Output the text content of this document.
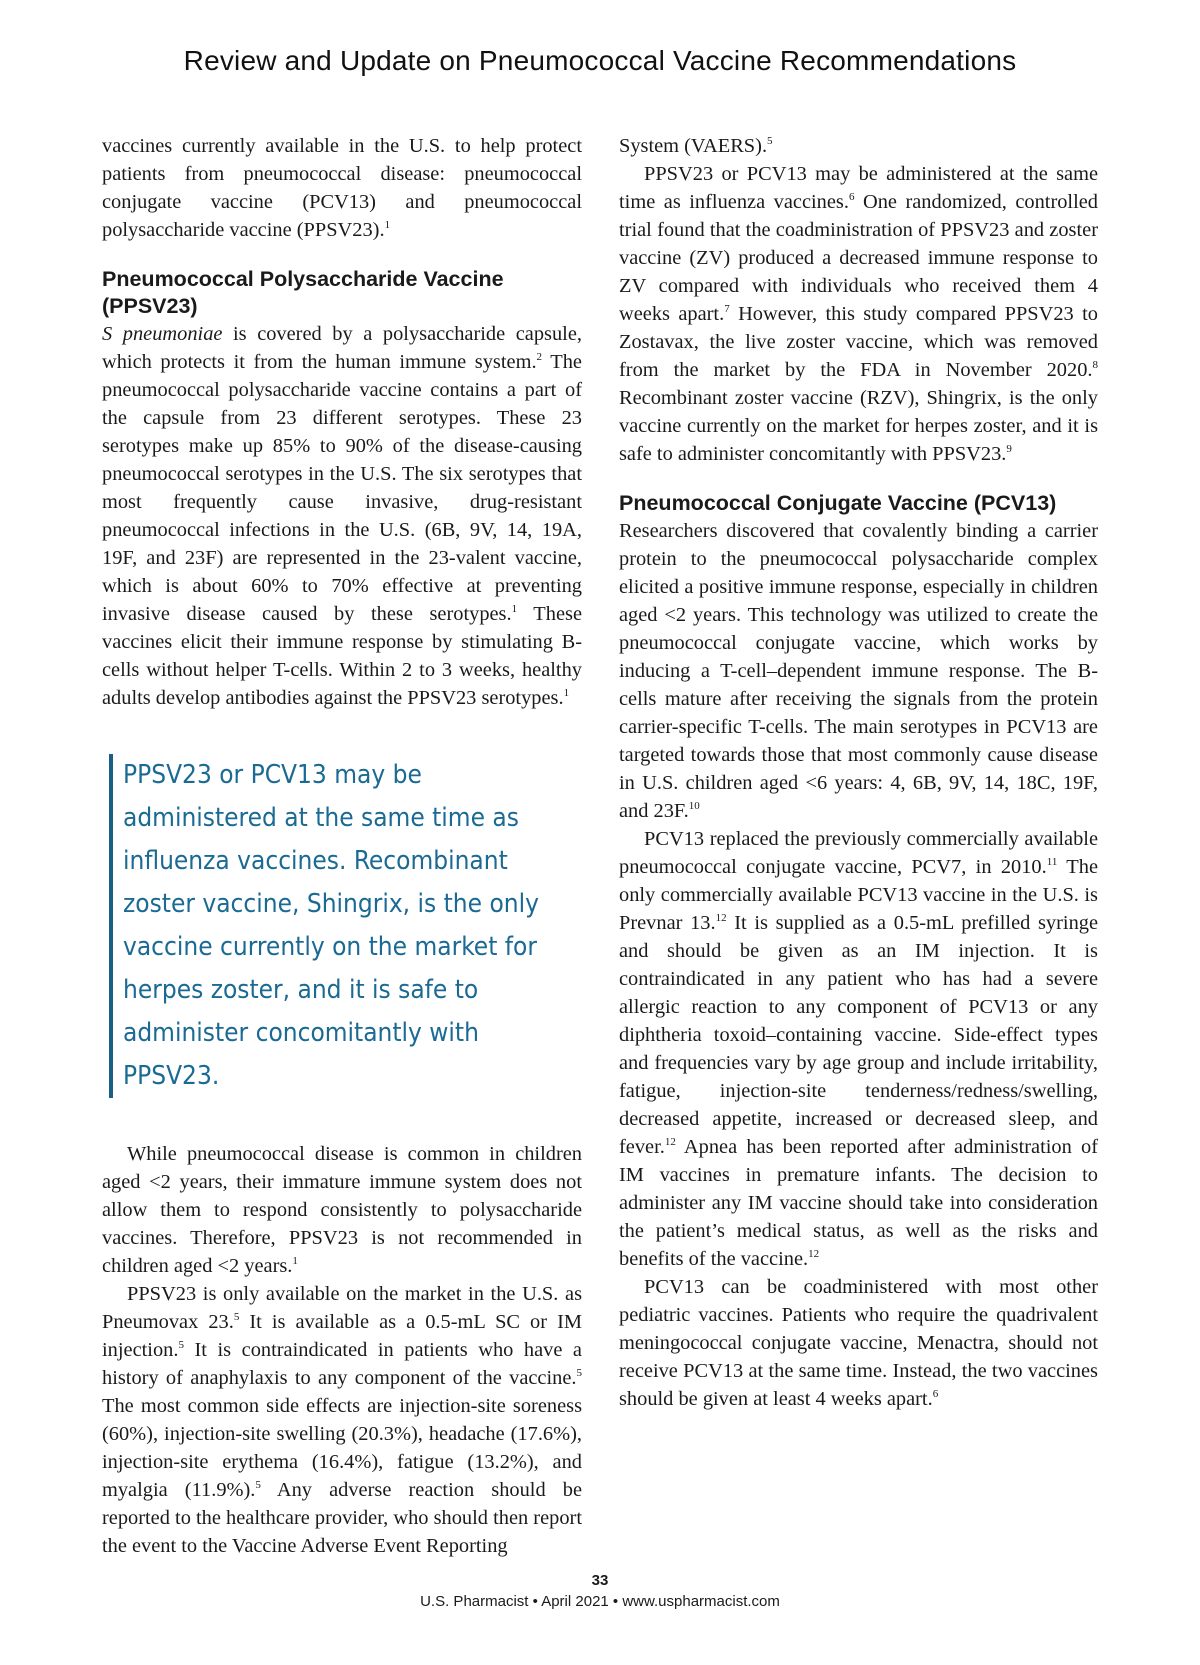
Review and Update on Pneumococcal Vaccine Recommendations

vaccines currently available in the U.S. to help protect patients from pneumococcal disease: pneumococcal conjugate vaccine (PCV13) and pneumococcal polysaccharide vaccine (PPSV23).$^1$

Pneumococcal Polysaccharide Vaccine (PPSV23)

S pneumoniae is covered by a polysaccharide capsule, which protects it from the human immune system.$^2$ The pneumococcal polysaccharide vaccine contains a part of the capsule from 23 different serotypes. These 23 serotypes make up 85% to 90% of the disease-causing pneumococcal serotypes in the U.S. The six serotypes that most frequently cause invasive, drug-resistant pneumococcal infections in the U.S. (6B, 9V, 14, 19A, 19F, and 23F) are represented in the 23-valent vaccine, which is about 60% to 70% effective at preventing invasive disease caused by these serotypes.$^1$ These vaccines elicit their immune response by stimulating B-cells without helper T-cells. Within 2 to 3 weeks, healthy adults develop antibodies against the PPSV23 serotypes.$^1$

PPSV23 or PCV13 may be administered at the same time as influenza vaccines. Recombinant zoster vaccine, Shingrix, is the only vaccine currently on the market for herpes zoster, and it is safe to administer concomitantly with PPSV23.

While pneumococcal disease is common in children aged <2 years, their immature immune system does not allow them to respond consistently to polysaccharide vaccines. Therefore, PPSV23 is not recommended in children aged <2 years.$^1$

PPSV23 is only available on the market in the U.S. as Pneumovax 23.$^5$ It is available as a 0.5-mL SC or IM injection.$^5$ It is contraindicated in patients who have a history of anaphylaxis to any component of the vaccine.$^5$ The most common side effects are injection-site soreness (60%), injection-site swelling (20.3%), headache (17.6%), injection-site erythema (16.4%), fatigue (13.2%), and myalgia (11.9%).$^5$ Any adverse reaction should be reported to the healthcare provider, who should then report the event to the Vaccine Adverse Event Reporting

System (VAERS).$^5$

PPSV23 or PCV13 may be administered at the same time as influenza vaccines.$^6$ One randomized, controlled trial found that the coadministration of PPSV23 and zoster vaccine (ZV) produced a decreased immune response to ZV compared with individuals who received them 4 weeks apart.$^7$ However, this study compared PPSV23 to Zostavax, the live zoster vaccine, which was removed from the market by the FDA in November 2020.$^8$ Recombinant zoster vaccine (RZV), Shingrix, is the only vaccine currently on the market for herpes zoster, and it is safe to administer concomitantly with PPSV23.$^9$

Pneumococcal Conjugate Vaccine (PCV13)

Researchers discovered that covalently binding a carrier protein to the pneumococcal polysaccharide complex elicited a positive immune response, especially in children aged <2 years. This technology was utilized to create the pneumococcal conjugate vaccine, which works by inducing a T-cell–dependent immune response. The B-cells mature after receiving the signals from the protein carrier-specific T-cells. The main serotypes in PCV13 are targeted towards those that most commonly cause disease in U.S. children aged <6 years: 4, 6B, 9V, 14, 18C, 19F, and 23F.$^{10}$

PCV13 replaced the previously commercially available pneumococcal conjugate vaccine, PCV7, in 2010.11 The only commercially available PCV13 vaccine in the U.S. is Prevnar 13.12 It is supplied as a 0.5-mL prefilled syringe and should be given as an IM injection. It is contraindicated in any patient who has had a severe allergic reaction to any component of PCV13 or any diphtheria toxoid–containing vaccine. Side-effect types and frequencies vary by age group and include irritability, fatigue, injection-site tenderness/redness/swelling, decreased appetite, increased or decreased sleep, and fever.$^{12}$ Apnea has been reported after administration of IM vaccines in premature infants. The decision to administer any IM vaccine should take into consideration the patient’s medical status, as well as the risks and benefits of the vaccine.$^{12}$

PCV13 can be coadministered with most other pediatric vaccines. Patients who require the quadrivalent meningococcal conjugate vaccine, Menactra, should not receive PCV13 at the same time. Instead, the two vaccines should be given at least 4 weeks apart.$^6$

33
U.S. Pharmacist • April 2021 • www.uspharmacist.com
